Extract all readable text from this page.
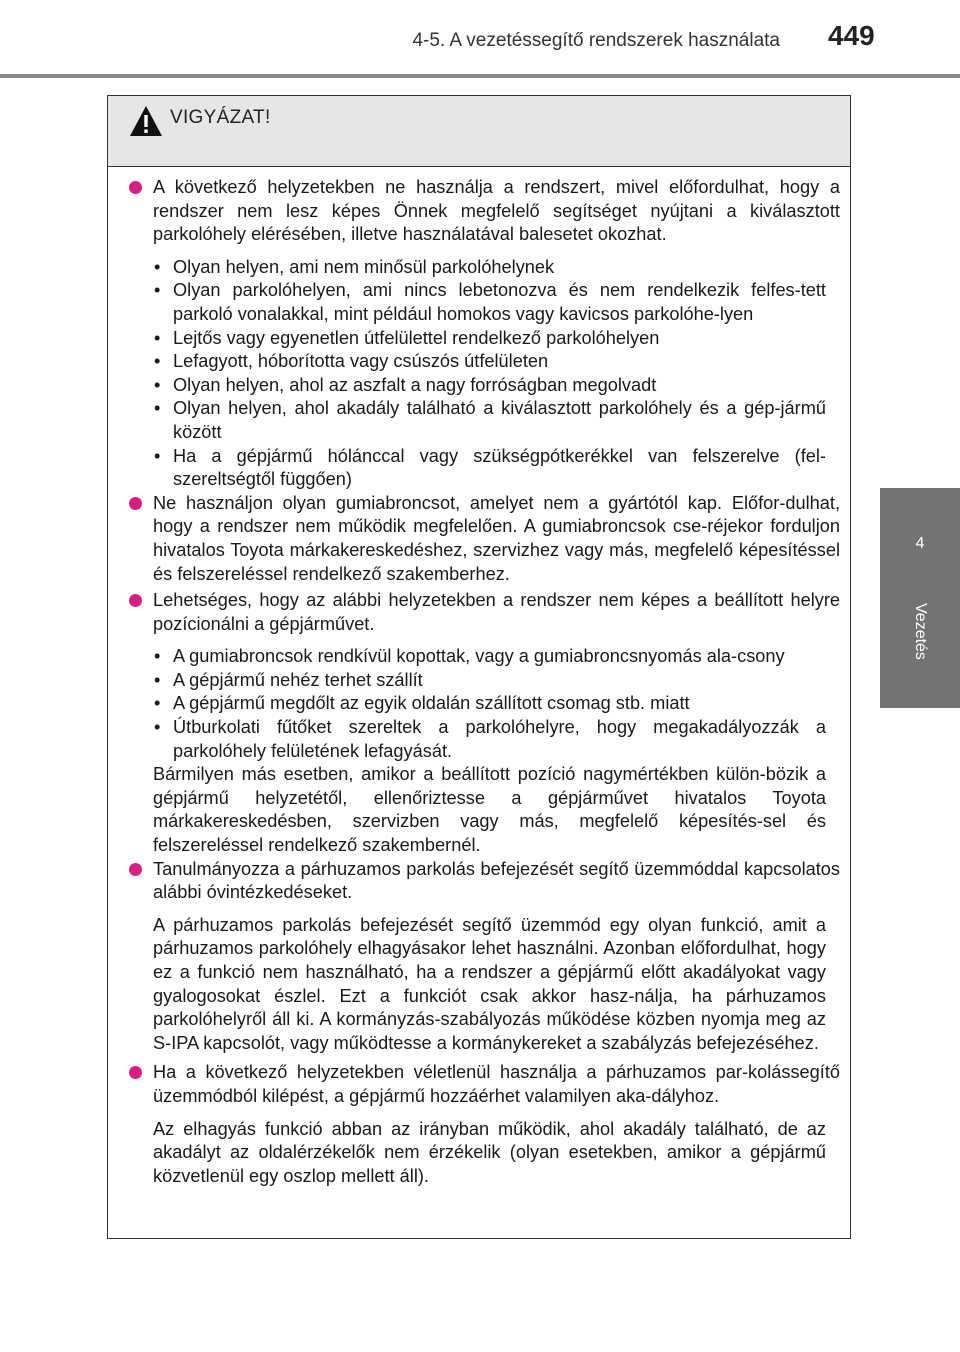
4-5. A vezetéssegítő rendszerek használata 449
4
Vezetés
VIGYÁZAT!
A következő helyzetekben ne használja a rendszert, mivel előfordulhat, hogy a rendszer nem lesz képes Önnek megfelelő segítséget nyújtani a kiválasztott parkolóhely elérésében, illetve használatával balesetet okozhat.
• Olyan helyen, ami nem minősül parkolóhelynek
• Olyan parkolóhelyen, ami nincs lebetonozva és nem rendelkezik felfes-tett parkoló vonalakkal, mint például homokos vagy kavicsos parkolóhe-lyen
• Lejtős vagy egyenetlen útfelülettel rendelkező parkolóhelyen
• Lefagyott, hóborította vagy csúszós útfelületen
• Olyan helyen, ahol az aszfalt a nagy forróságban megolvadt
• Olyan helyen, ahol akadály található a kiválasztott parkolóhely és a gép-jármű között
• Ha a gépjármű hólánccal vagy szükségpótkerékkel van felszerelve (fel-szereltségtől függően)
Ne használjon olyan gumiabroncsot, amelyet nem a gyártótól kap. Előfor-dulhat, hogy a rendszer nem működik megfelelően. A gumiabroncsok cse-réjekor forduljon hivatalos Toyota márkakereskedéshez, szervizhez vagy más, megfelelő képesítéssel és felszereléssel rendelkező szakemberhez.
Lehetséges, hogy az alábbi helyzetekben a rendszer nem képes a beállított helyre pozícionálni a gépjárművet.
• A gumiabroncsok rendkívül kopottak, vagy a gumiabroncsnyomás ala-csony
• A gépjármű nehéz terhet szállít
• A gépjármű megdőlt az egyik oldalán szállított csomag stb. miatt
• Útburkolati fűtőket szereltek a parkolóhelyre, hogy megakadályozzák a parkolóhely felületének lefagyását.
Bármilyen más esetben, amikor a beállított pozíció nagymértékben külön-bözik a gépjármű helyzetétől, ellenőriztesse a gépjárművet hivatalos Toyota márkakereskedésben, szervizben vagy más, megfelelő képesítés-sel és felszereléssel rendelkező szakembernél.
Tanulmányozza a párhuzamos parkolás befejezését segítő üzemmóddal kapcsolatos alábbi óvintézkedéseket.
A párhuzamos parkolás befejezését segítő üzemmód egy olyan funkció, amit a párhuzamos parkolóhely elhagyásakor lehet használni. Azonban előfordulhat, hogy ez a funkció nem használható, ha a rendszer a gépjármű előtt akadályokat vagy gyalogosokat észlel. Ezt a funkciót csak akkor hasz-nálja, ha párhuzamos parkolóhelyről áll ki. A kormányzás-szabályozás működése közben nyomja meg az S-IPA kapcsolót, vagy működtesse a kormánykereket a szabályzás befejezéséhez.
Ha a következő helyzetekben véletlenül használja a párhuzamos par-kolássegítő üzemmódból kilépést, a gépjármű hozzáérhet valamilyen aka-dályhoz.
Az elhagyás funkció abban az irányban működik, ahol akadály található, de az akadályt az oldalérzékelők nem érzékelik (olyan esetekben, amikor a gépjármű közvetlenül egy oszlop mellett áll).
